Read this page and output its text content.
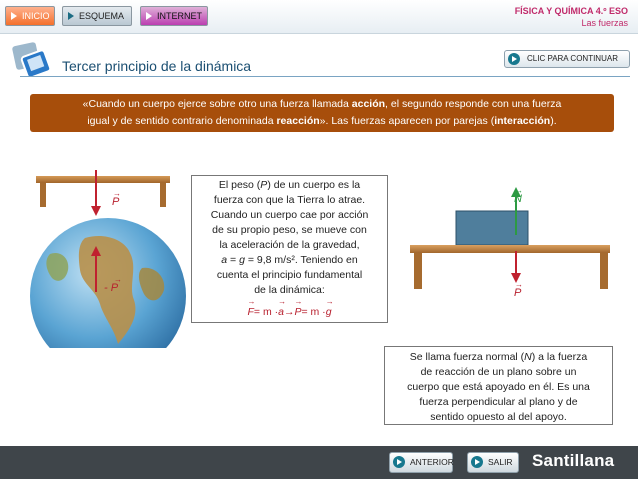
INICIO	ESQUEMA	INTERNET	FÍSICA Y QUÍMICA 4.º ESO
Las fuerzas
Tercer principio de la dinámica	CLIC PARA CONTINUAR
«Cuando un cuerpo ejerce sobre otro una fuerza llamada acción, el segundo responde con una fuerza
igual y de sentido contrario denominada reacción». Las fuerzas aparecen por parejas (interacción).
→
P
→
- P
El peso (P) de un cuerpo es la
fuerza con que la Tierra lo atrae.
Cuando un cuerpo cae por acción
de su propio peso, se mueve con
la aceleración de la gravedad,
a = g = 9,8 m/s². Teniendo en
cuenta el principio fundamental
de la dinámica:
→ F= m ·→ a→→ P= m ·→ g
→
N
→
P
Se llama fuerza normal (N) a la fuerza
de reacción de un plano sobre un
cuerpo que está apoyado en él. Es una
fuerza perpendicular al plano y de
sentido opuesto al del apoyo.
ANTERIOR	SALIR	Santillana
